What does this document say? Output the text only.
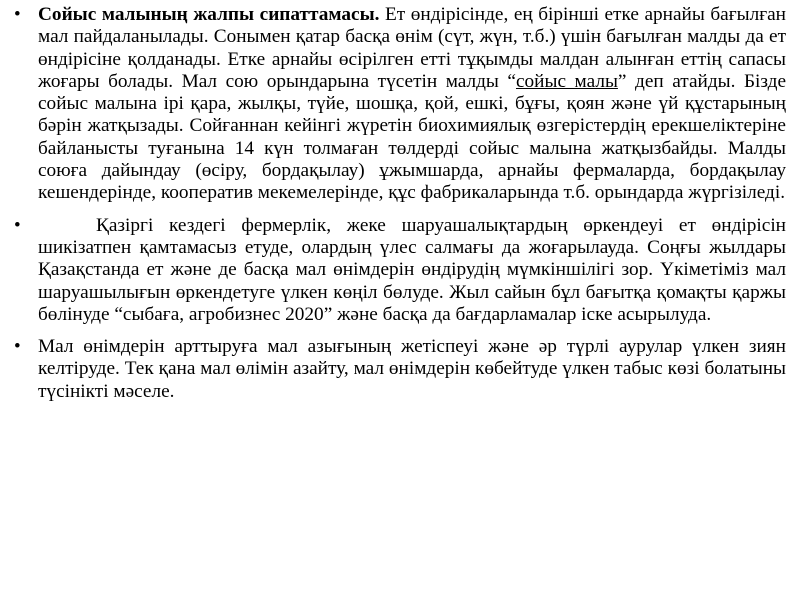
• Сойыс малының жалпы сипаттамасы. Ет өндірісінде, ең бірінші етке арнайы бағылған мал пайдаланылады. Сонымен қатар басқа өнім (сүт, жүн, т.б.) үшін бағылған малды да ет өндірісіне қолданады. Етке арнайы өсірілген етті тұқымды малдан алынған еттің сапасы жоғары болады. Мал сою орындарына түсетін малды “сойыс малы” деп атайды. Бізде сойыс малына ірі қара, жылқы, түйе, шошқа, қой, ешкі, бұғы, қоян және үй құстарының бәрін жатқызады. Сойғаннан кейінгі жүретін биохимиялық өзгерістердің ерекшеліктеріне байланысты туғанына 14 күн толмаған төлдерді сойыс малына жатқызбайды. Малды союға дайындау (өсіру, бордақылау) ұжымшарда, арнайы фермаларда, бордақылау кешендерінде, кооператив мекемелерінде, құс фабрикаларында т.б. орындарда жүргізіледі.
•	Қазіргі кездегі фермерлік, жеке шаруашалықтардың өркендеуі ет өндірісін шикізатпен қамтамасыз етуде, олардың үлес салмағы да жоғарылауда. Соңғы жылдары Қазақстанда ет және де басқа мал өнімдерін өндірудің мүмкіншілігі зор. Үкіметіміз мал шаруашылығын өркендетуге үлкен көңіл бөлуде. Жыл сайын бұл бағытқа қомақты қаржы бөлінуде “сыбаға, агробизнес 2020” және басқа да бағдарламалар іске асырылуда.
• Мал өнімдерін арттыруға мал азығының жетіспеуі және әр түрлі аурулар үлкен зиян келтіруде. Тек қана мал өлімін азайту, мал өнімдерін көбейтуде үлкен табыс көзі болатыны түсінікті мәселе.
